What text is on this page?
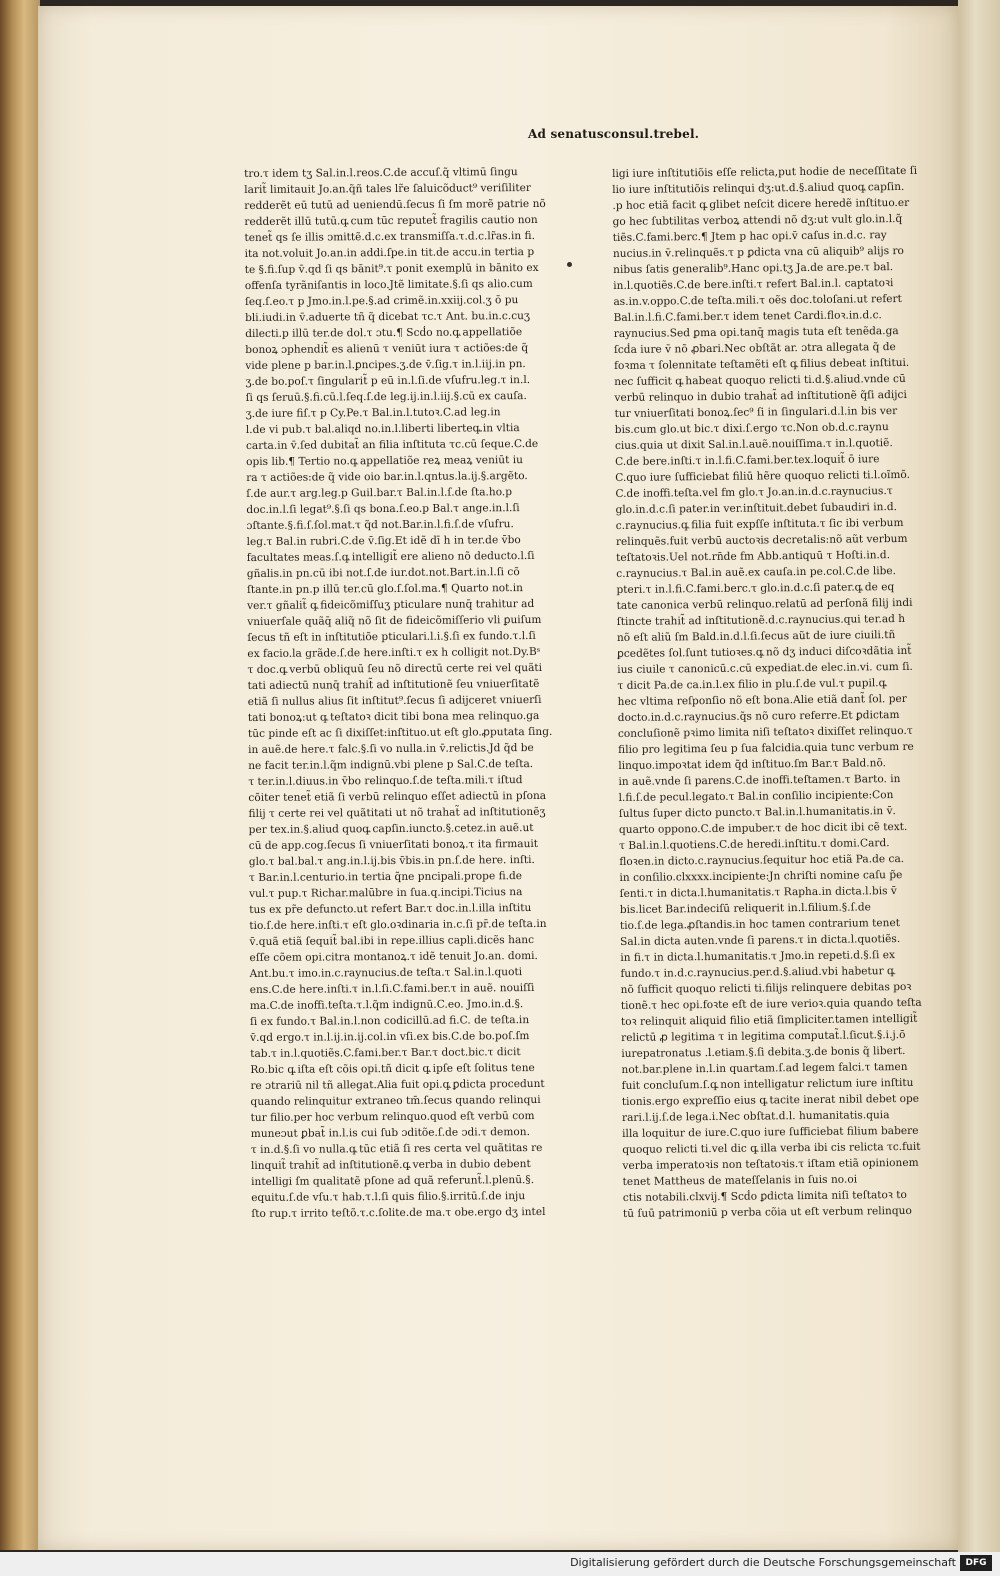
Ad senatusconsul.trebel.
tro.τ idem tʒ Sal.in.l.reos.C.de accuſ.q̃ vltimū ſingu
larit̃ limitauit Jo.an.q̃ñ tales lr̃e ſaluicõduct⁹ veriſiliter
redderẽt eū tutū ad ueniendū.ſecus ſi ſm morẽ patrie nõ
redderẽt illū tutū.q꜡ cum tūc reputet̃ fragilis cautio non
tenet̃ qs ſe illis ɔmittẽ.d.c.ex transmiſſa.τ.d.c.lr̃as.in fi.
ita not.voluit Jo.an.in addi.ſpe.in tit.de accu.in tertia p
te §.fi.ſup v̄.qd ſi qs bānit⁹.τ ponit exemplū in bānito ex
offenſa tyrãniſantis in loco.Jtẽ limitate.§.ſi qs alio.cum
ſeq.ſ.eo.τ p Jmo.in.l.pe.§.ad crimẽ.in.xxiij.col.ʒ ō pu
bli.iudi.in v̄.aduerte tñ q̃ dicebat τc.τ Ant. bu.in.c.cuʒ
dilecti.p illū ter.de dol.τ ɔtu.¶ Scḋo no.q꜡ appellatiõe
bonoꝝ ɔphendit̃ es alienū τ veniūt iura τ actiões:de q̃
vide plene p bar.in.l.ꝑncipes.ʒ.de v̄.ſig.τ in.l.iij.in pn.
ʒ.de bo.poſ.τ ſingularit̃ p eū in.l.ſi.de vſufru.leg.τ in.l.
ſi qs ſeruū.§.fi.cū.l.ſeq.ſ.de leg.ij.in.l.iij.§.cū ex cauſa.
ʒ.de iure fiſ.τ p Cy.Pe.τ Bal.in.l.tutoꝛ.C.ad leg.in
l.de vi pub.τ bal.aliqd no.in.l.liberti liberteq꜡.in vltia
carta.in v̄.ſed dubitat̃ an filia inſtituta τc.cū ſeque.C.de
opis lib.¶ Tertio no.q꜡ appellatiõe reꝝ meaꝝ veniūt iu
ra τ actiões:de q̃ vide oio bar.in.l.qntus.la.ij.§.argẽto.
ſ.de aur.τ arg.leg.p Guil.bar.τ Bal.in.l.ſ.de ſta.ho.p
doc.in.l.ſi legat⁹.§.ſi qs bona.ſ.eo.p Bal.τ ange.in.l.ſi
ɔſtante.§.fi.ſ.ſol.mat.τ q̃d not.Bar.in.l.fi.ſ.de vſufru.
leg.τ Bal.in rubri.C.de v̄.ſig.Et idẽ dī h in ter.de v̄bo
facultates meas.ſ.q꜡ intelligit̃ ere alieno nõ deducto.l.ſi
gñalis.in pn.cū ibi not.ſ.de iur.dot.not.Bart.in.l.ſi cõ
ſtante.in pn.p illū ter.cū glo.ſ.ſol.ma.¶ Quarto not.in
ver.τ gñalit̃ q꜡ fideicõmiſſuʒ pticulare nunq̄ trahitur ad
vniuerſale quãq̄ aliq̃ nõ ſit de fideicõmiſſerio vli ꝑuiſum
ſecus tñ eſt in inſtitutiõe pticulari.l.i.§.ſi ex fundo.τ.l.ſi
ex facio.la grãde.ſ.de here.inſti.τ ex h colligit not.Dy.Bˢ
τ doc.q꜡ verbū obliquū ſeu nõ directū certe rei vel quãti
tati adiectū nunq̄ trahit̃ ad inſtitutionẽ ſeu vniuerſitatẽ
etiã ſi nullus alius ſit inſtitut⁹.ſecus ſi adijceret vniuerſi
tati bonoꝝ:ut q꜡ teſtatoꝛ dicit tibi bona mea relinquo.ga
tūc pinde eſt ac ſi dixiſſet:inſtituo.ut eſt glo.ꝓputata ſing.
in auẽ.de here.τ falc.§.ſi vo nulla.in v̄.relictis.Jd q̃d be
ne facit ter.in.l.q̃m indignū.vbi plene p Sal.C.de teſta.
τ ter.in.l.diuus.in v̄bo relinquo.ſ.de teſta.mili.τ iſtud
cõiter tenet̃ etiã ſi verbū relinquo eſſet adiectū in pſona
filij τ certe rei vel quãtitati ut nõ trahat̃ ad inſtitutionẽʒ
per tex.in.§.aliud quoq꜡ capſin.iuncto.§.cetez.in auẽ.ut
cū de app.cog.ſecus ſi vniuerſitati bonoꝝ.τ ita firmauit
glo.τ bal.bal.τ ang.in.l.ij.bis v̄bis.in pn.ſ.de here. inſti.
τ Bar.in.l.centurio.in tertia q̃ne pncipali.prope fi.de
vul.τ pup.τ Richar.malūbre in ſua.q.incipi.Ticius na
tus ex pr̃e defuncto.ut refert Bar.τ doc.in.l.illa inſtitu
tio.ſ.de here.inſti.τ eſt glo.oꝛdinaria in.c.ſi pr̄.de teſta.in
v̄.quã etiã ſequit̃ bal.ibi in repe.illius capli.dicẽs hanc
eſſe cõem opi.citra montanoꝝ.τ idẽ tenuit Jo.an. domi.
Ant.bu.τ imo.in.c.raynucius.de teſta.τ Sal.in.l.quoti
ens.C.de here.inſti.τ in.l.ſi.C.fami.ber.τ in auẽ. nouiſſi
ma.C.de inoffi.teſta.τ.l.q̃m indignū.C.eo. Jmo.in.d.§.
ſi ex fundo.τ Bal.in.l.non codicillū.ad fi.C. de teſta.in
v̄.qd ergo.τ in.l.ij.in.ij.col.in vſi.ex bis.C.de bo.poſ.ſm
tab.τ in.l.quotiẽs.C.fami.ber.τ Bar.τ doct.bic.τ dicit
Ro.bic q꜡ iſta eſt cõis opi.tñ dicit q꜡ ipſe eſt ſolitus tene
re ɔtrariū nil tñ allegat.Alia fuit opi.q꜡ ꝑdicta procedunt
quando relinquitur extraneo tm̄.ſecus quando relinqui
tur filio.per hoc verbum relinquo.quod eſt verbū com
muneɔut ꝑbat̃ in.l.is cui ſub ɔditõe.ſ.de ɔdi.τ demon.
τ in.d.§.ſi vo nulla.q꜡ tūc etiã ſi res certa vel quãtitas re
linquit̃ trahit̃ ad inſtitutionẽ.q꜡ verba in dubio debent
intelligi ſm qualitatẽ pſone ad quã referunt̃.l.plenū.§.
equitu.ſ.de vſu.τ hab.τ.l.ſi quis filio.§.irritū.ſ.de inju
ſto rup.τ irrito teſtõ.τ.c.ſolite.de ma.τ obe.ergo dʒ intel
ligi iure inſtitutiõis eſſe relicta,put hodie de neceſſitate ſi
lio iure inſtitutiõis relinqui dʒ:ut.d.§.aliud quoq꜡ capſin.
.p hoc etiã facit q꜡ glibet neſcit dicere heredẽ inſtituo.er
go hec ſubtilitas verboꝝ attendi nõ dʒ:ut vult glo.in.l.q̃
tiẽs.C.fami.berc.¶ Jtem p hac opi.v̄ caſus in.d.c. ray
nucius.in v̄.relinquẽs.τ p ꝑdicta vna cū aliquib⁹ alijs ro
nibus ſatis generalib⁹.Hanc opi.tʒ Ja.de are.pe.τ bal.
in.l.quotiẽs.C.de bere.inſti.τ refert Bal.in.l. captatoꝛi
as.in.v.oppo.C.de teſta.mili.τ oẽs doc.toloſani.ut refert
Bal.in.l.fi.C.fami.ber.τ idem tenet Cardi.floꝛ.in.d.c.
raynucius.Sed ꝑma opi.tanq̄ magis tuta eſt tenẽda.ga
ſcḋa iure v̄ nõ ꝓbari.Nec obſtãt ar. ɔtra allegata q̃ de
foꝛma τ ſolennitate teſtamẽti eſt q꜡ filius debeat inſtitui.
nec ſufficit q꜡ habeat quoquo relicti ti.d.§.aliud.vnde cū
verbū relinquo in dubio trahat̃ ad inſtitutionẽ q̃ſi adijci
tur vniuerſitati bonoꝝ.ſec⁹ ſi in ſingulari.d.l.in bis ver
bis.cum glo.ut bic.τ dixi.ſ.ergo τc.Non ob.d.c.raynu
cius.quia ut dixit Sal.in.l.auẽ.nouiſſima.τ in.l.quotiẽ.
C.de bere.inſti.τ in.l.fi.C.fami.ber.tex.loquit̃ ō iure
C.quo iure ſufficiebat filiū hẽre quoquo relicti ti.l.oĩmõ.
C.de inoffi.teſta.vel fm glo.τ Jo.an.in.d.c.raynucius.τ
glo.in.d.c.ſi pater.in ver.inſtituit.debet ſubaudiri in.d.
c.raynucius.q꜡ filia fuit expſſe inſtituta.τ ſic ibi verbum
relinquẽs.fuit verbū auctoꝛis decretalis:nõ aũt verbum
teſtatoꝛis.Uel not.rn̄de fm Abb.antiquū τ Hoſti.in.d.
c.raynucius.τ Bal.in auẽ.ex cauſa.in pe.col.C.de libe.
pteri.τ in.l.fi.C.fami.berc.τ glo.in.d.c.ſi pater.q꜡ de eq
tate canonica verbū relinquo.relatū ad perſonã filij indi
ſtincte trahit̃ ad inſtitutionẽ.d.c.raynucius.qui ter.ad h
nõ eſt aliũ ſm Bald.in.d.l.ſi.ſecus aũt de iure ciuili.tñ
ꝑcedẽtes ſol.ſunt tutioꝛes.q꜡ nõ dʒ induci diſcoꝛdãtia int̃
ius ciuile τ canonicū.c.cū expediat.de elec.in.vi. cum ſi.
τ dicit Pa.de ca.in.l.ex filio in plu.ſ.de vul.τ pupil.q꜡
hec vltima reſponſio nõ eſt bona.Alie etiã dant̃ ſol. per
docto.in.d.c.raynucius.q̃s nõ curo referre.Et ꝑdictam
concluſionẽ pꝛimo limita niſi teſtatoꝛ dixiſſet relinquo.τ
filio pro legitima ſeu p ſua falcidia.quia tunc verbum re
linquo.impoꝛtat idem q̃d inſtituo.ſm Bar.τ Bald.nõ.
in auẽ.vnde ſi parens.C.de inoffi.teſtamen.τ Barto. in
l.fi.ſ.de pecul.legato.τ Bal.in conſilio incipiente:Con
ſultus ſuper dicto puncto.τ Bal.in.l.humanitatis.in v̄.
quarto oppono.C.de impuber.τ de hoc dicit ibi cẽ text.
τ Bal.in.l.quotiens.C.de heredi.inſtitu.τ domi.Card.
floꝛen.in dicto.c.raynucius.ſequitur hoc etiã Pa.de ca.
in conſilio.clxxxx.incipiente:Jn chriſti nomine caſu p̃e
ſenti.τ in dicta.l.humanitatis.τ Rapha.in dicta.l.bis v̄
bis.licet Bar.indeciſū reliquerit in.l.filium.§.ſ.de
tio.ſ.de lega.ꝓſtandis.in hoc tamen contrarium tenet
Sal.in dicta auten.vnde ſi parens.τ in dicta.l.quotiẽs.
in fi.τ in dicta.l.humanitatis.τ Jmo.in repeti.d.§.ſi ex
fundo.τ in.d.c.raynucius.per.d.§.aliud.vbi habetur q꜡
nõ ſufficit quoquo relicti ti.filijs relinquere debitas poꝛ
tionẽ.τ hec opi.foꝛte eſt de iure verioꝛ.quia quando teſta
toꝛ relinquit aliquid filio etiã ſimpliciter.tamen intelligit̃
relictū ꝓ legitima τ in legitima computat̃.l.ſicut.§.i.j.ō
iurepatronatus .l.etiam.§.ſi debita.ʒ.de bonis q̃ libert.
not.bar.plene in.l.in quartam.ſ.ad legem falci.τ tamen
fuit concluſum.ſ.q꜡ non intelligatur relictum iure inſtitu
tionis.ergo expreſſio eius q꜡ tacite inerat nibil debet ope
rari.l.ij.ſ.de lega.i.Nec obſtat.d.l. humanitatis.quia
illa loquitur de iure.C.quo iure ſufficiebat filium babere
quoquo relicti ti.vel dic q꜡ illa verba ibi cis relicta τc.fuit
verba imperatoꝛis non teſtatoꝛis.τ iſtam etiã opinionem
tenet Mattheus de mateſſelanis in ſuis no.oi
ctis notabili.clxvij.¶ Scḋo ꝑdicta limita niſi teſtatoꝛ to
tū ſuū patrimoniū p verba cõia ut eſt verbum relinquo
Digitalisierung gefördert durch die Deutsche Forschungsgemeinschaft	DFG
